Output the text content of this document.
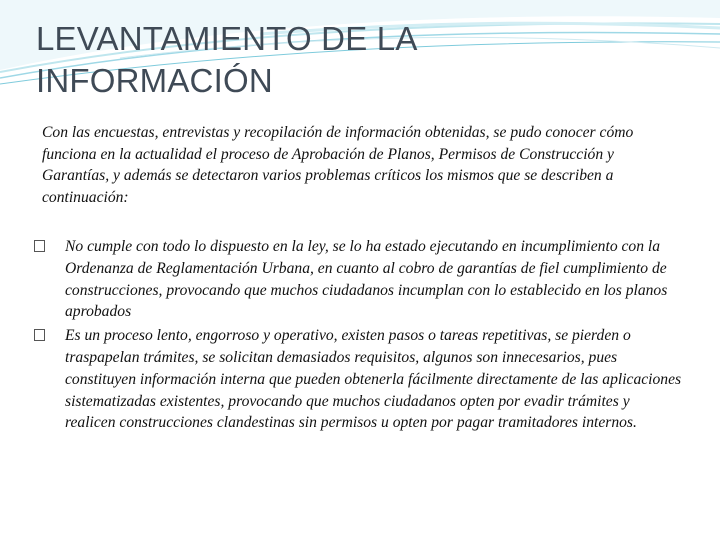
LEVANTAMIENTO DE LA
INFORMACIÓN

Con las encuestas, entrevistas y recopilación de información obtenidas, se pudo conocer cómo funciona en la actualidad el proceso de Aprobación de Planos, Permisos de Construcción y Garantías, y además se detectaron varios problemas críticos los mismos que se describen a continuación:

No cumple con todo lo dispuesto en la ley, se lo ha estado ejecutando en incumplimiento con la Ordenanza de Reglamentación Urbana, en cuanto al cobro de garantías de fiel cumplimiento de construcciones, provocando que muchos ciudadanos incumplan con lo establecido en los planos aprobados
Es un proceso lento, engorroso y operativo, existen pasos o tareas repetitivas, se pierden o traspapelan trámites, se solicitan demasiados requisitos, algunos son innecesarios, pues constituyen información interna que pueden obtenerla fácilmente directamente de las aplicaciones sistematizadas existentes, provocando que muchos ciudadanos opten por evadir trámites y realicen construcciones clandestinas sin permisos u opten por pagar tramitadores internos.
